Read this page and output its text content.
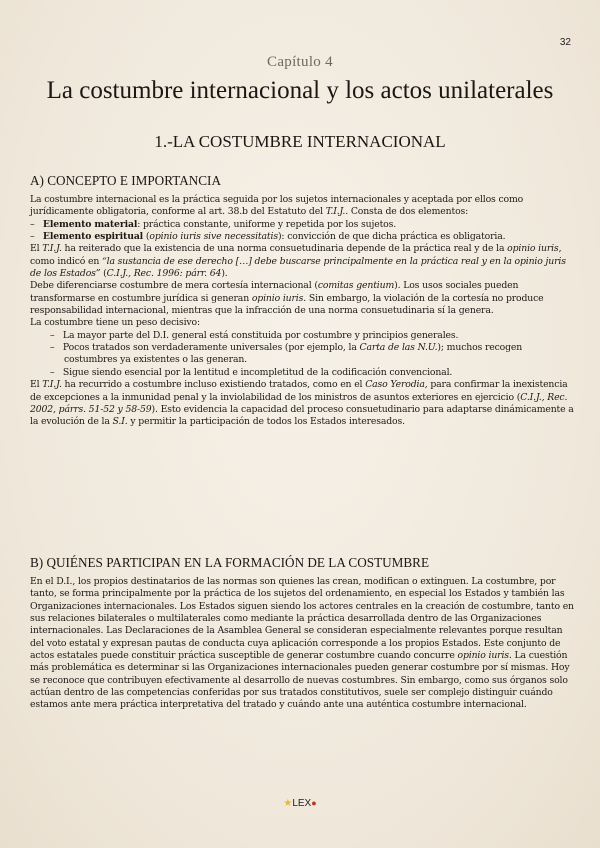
32
Capítulo 4
La costumbre internacional y los actos unilaterales
1.-LA COSTUMBRE INTERNACIONAL
A) CONCEPTO E IMPORTANCIA

La costumbre internacional es la práctica seguida por los sujetos internacionales y aceptada por ellos como jurídicamente obligatoria, conforme al art. 38.b del Estatuto del T.I.J.. Consta de dos elementos:

–   Elemento material: práctica constante, uniforme y repetida por los sujetos.

–   Elemento espiritual (opinio iuris sive necessitatis): convicción de que dicha práctica es obligatoria.

El T.I.J. ha reiterado que la existencia de una norma consuetudinaria depende de la práctica real y de la opinio iuris, como indicó en “la sustancia de ese derecho […] debe buscarse principalmente en la práctica real y en la opinio juris de los Estados” (C.I.J., Rec. 1996: párr. 64).

Debe diferenciarse costumbre de mera cortesía internacional (comitas gentium). Los usos sociales pueden transformarse en costumbre jurídica si generan opinio iuris. Sin embargo, la violación de la cortesía no produce responsabilidad internacional, mientras que la infracción de una norma consuetudinaria sí la genera.

La costumbre tiene un peso decisivo:

–   La mayor parte del D.I. general está constituida por costumbre y principios generales.
–   Pocos tratados son verdaderamente universales (por ejemplo, la Carta de las N.U.); muchos recogen costumbres ya existentes o las generan.
–   Sigue siendo esencial por la lentitud e incompletitud de la codificación convencional.

El T.I.J. ha recurrido a costumbre incluso existiendo tratados, como en el Caso Yerodia, para confirmar la inexistencia de excepciones a la inmunidad penal y la inviolabilidad de los ministros de asuntos exteriores en ejercicio (C.I.J., Rec. 2002, párrs. 51-52 y 58-59). Esto evidencia la capacidad del proceso consuetudinario para adaptarse dinámicamente a la evolución de la S.I. y permitir la participación de todos los Estados interesados.

B) QUIÉNES PARTICIPAN EN LA FORMACIÓN DE LA COSTUMBRE

En el D.I., los propios destinatarios de las normas son quienes las crean, modifican o extinguen. La costumbre, por tanto, se forma principalmente por la práctica de los sujetos del ordenamiento, en especial los Estados y también las Organizaciones internacionales. Los Estados siguen siendo los actores centrales en la creación de costumbre, tanto en sus relaciones bilaterales o multilaterales como mediante la práctica desarrollada dentro de las Organizaciones internacionales. Las Declaraciones de la Asamblea General se consideran especialmente relevantes porque resultan del voto estatal y expresan pautas de conducta cuya aplicación corresponde a los propios Estados. Este conjunto de actos estatales puede constituir práctica susceptible de generar costumbre cuando concurre opinio iuris. La cuestión más problemática es determinar si las Organizaciones internacionales pueden generar costumbre por sí mismas. Hoy se reconoce que contribuyen efectivamente al desarrollo de nuevas costumbres. Sin embargo, como sus órganos solo actúan dentro de las competencias conferidas por sus tratados constitutivos, suele ser complejo distinguir cuándo estamos ante mera práctica interpretativa del tratado y cuándo ante una auténtica costumbre internacional.

★LEX●
